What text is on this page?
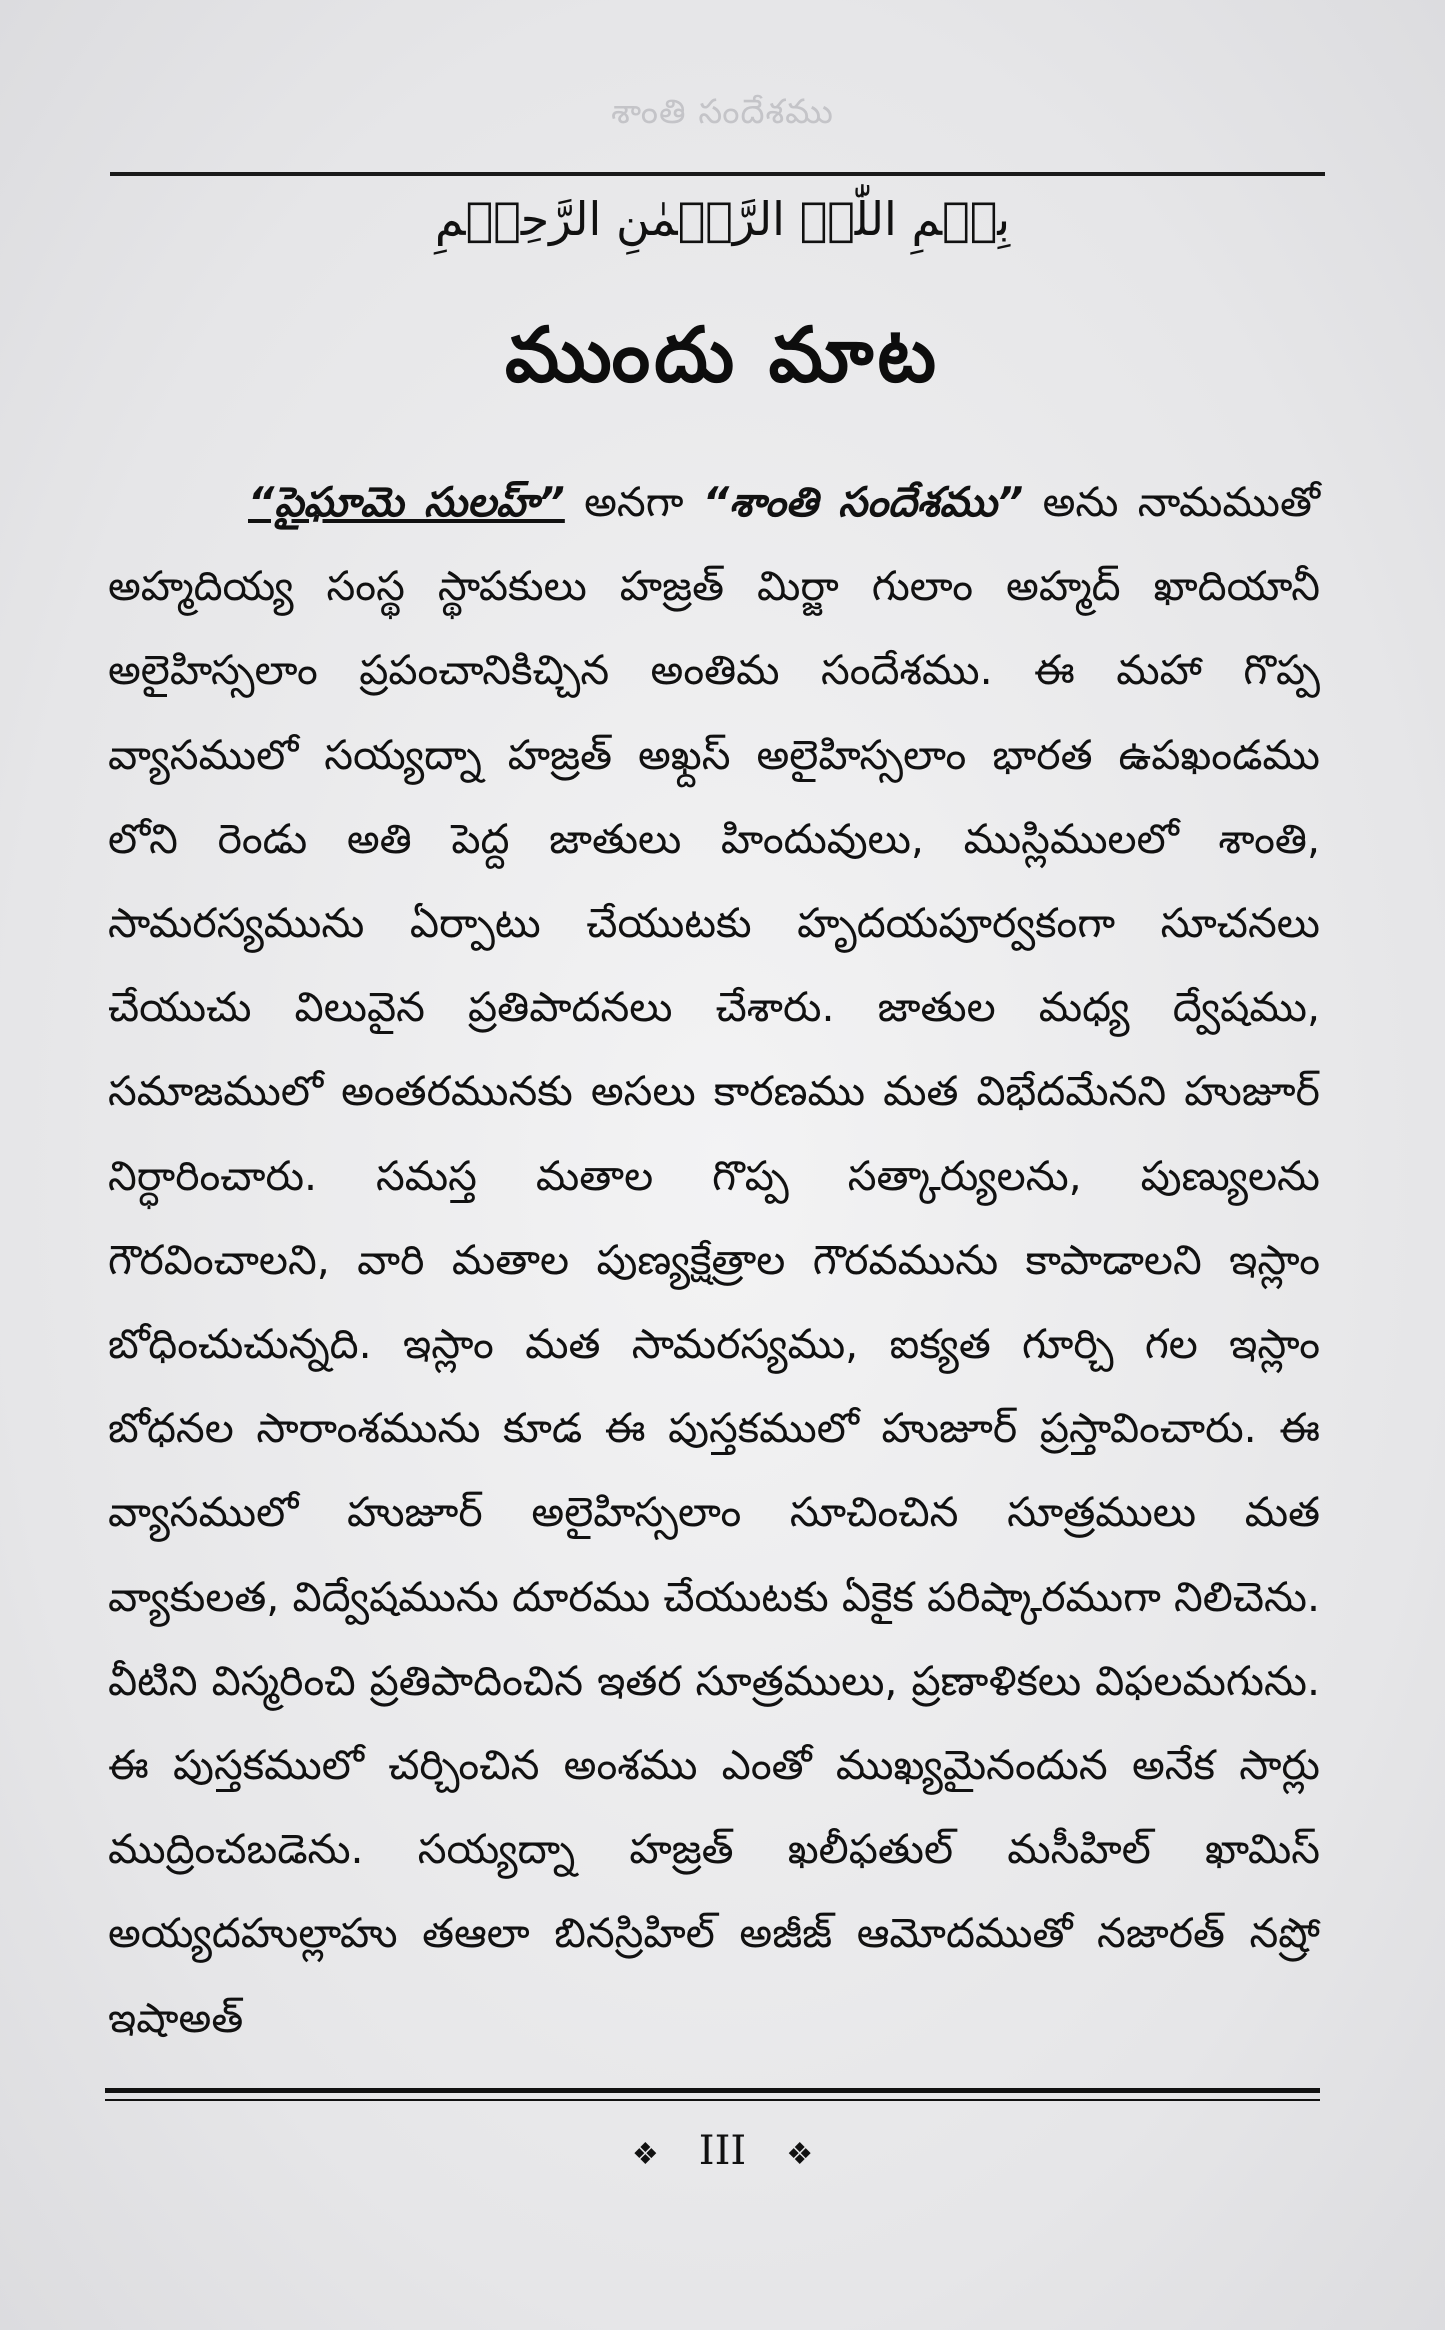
శాంతి సందేశము
بِسۡمِ اللّٰہِ الرَّحۡمٰنِ الرَّحِیۡمِ
ముందు మాట
“పైఘామె సులహ్” అనగా “శాంతి సందేశము” అను నామముతో అహ్మదియ్య సంస్థ స్థాపకులు హజ్రత్ మిర్జా గులాం అహ్మద్ ఖాదియానీ అలైహిస్సలాం ప్రపంచానికిచ్చిన అంతిమ సందేశము. ఈ మహా గొప్ప వ్యాసములో సయ్యద్నా హజ్రత్ అఖ్దస్ అలైహిస్సలాం భారత ఉపఖండము లోని రెండు అతి పెద్ద జాతులు హిందువులు, ముస్లిములలో శాంతి, సామరస్యమును ఏర్పాటు చేయుటకు హృదయపూర్వకంగా సూచనలు చేయుచు విలువైన ప్రతిపాదనలు చేశారు. జాతుల మధ్య ద్వేషము, సమాజములో అంతరమునకు అసలు కారణము మత విభేదమేనని హుజూర్ నిర్ధారించారు. సమస్త మతాల గొప్ప సత్కార్యులను, పుణ్యులను గౌరవించాలని, వారి మతాల పుణ్యక్షేత్రాల గౌరవమును కాపాడాలని ఇస్లాం బోధించుచున్నది. ఇస్లాం మత సామరస్యము, ఐక్యత గూర్చి గల ఇస్లాం బోధనల సారాంశమును కూడ ఈ పుస్తకములో హుజూర్ ప్రస్తావించారు. ఈ వ్యాసములో హుజూర్ అలైహిస్సలాం సూచించిన సూత్రములు మత వ్యాకులత, విద్వేషమును దూరము చేయుటకు ఏకైక పరిష్కారముగా నిలిచెను. వీటిని విస్మరించి ప్రతిపాదించిన ఇతర సూత్రములు, ప్రణాళికలు విఫలమగును. ఈ పుస్తకములో చర్చించిన అంశము ఎంతో ముఖ్యమైనందున అనేక సార్లు ముద్రించబడెను. సయ్యద్నా హజ్రత్ ఖలీఫతుల్ మసీహిల్ ఖామిస్ అయ్యదహుల్లాహు తఆలా బినస్రిహిల్ అజీజ్ ఆమోదముతో నజారత్ నష్రో ఇషాఅత్
❖ III ❖
